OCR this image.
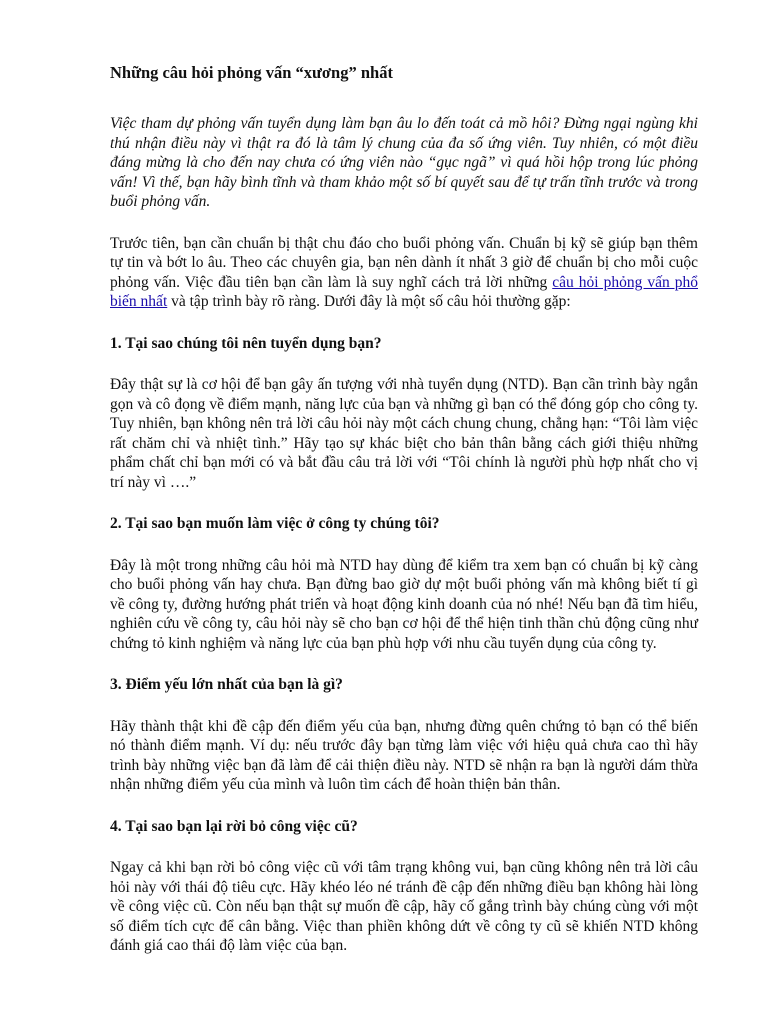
Những câu hỏi phỏng vấn “xương” nhất

Việc tham dự phỏng vấn tuyển dụng làm bạn âu lo đến toát cả mồ hôi? Đừng ngại ngùng khi thú nhận điều này vì thật ra đó là tâm lý chung của đa số ứng viên. Tuy nhiên, có một điều đáng mừng là cho đến nay chưa có ứng viên nào “gục ngã” vì quá hồi hộp trong lúc phỏng vấn! Vì thế, bạn hãy bình tĩnh và tham khảo một số bí quyết sau để tự trấn tĩnh trước và trong buổi phỏng vấn.

Trước tiên, bạn cần chuẩn bị thật chu đáo cho buổi phỏng vấn. Chuẩn bị kỹ sẽ giúp bạn thêm tự tin và bớt lo âu. Theo các chuyên gia, bạn nên dành ít nhất 3 giờ để chuẩn bị cho mỗi cuộc phỏng vấn. Việc đầu tiên bạn cần làm là suy nghĩ cách trả lời những câu hỏi phỏng vấn phổ biến nhất và tập trình bày rõ ràng. Dưới đây là một số câu hỏi thường gặp:

1. Tại sao chúng tôi nên tuyển dụng bạn?

Đây thật sự là cơ hội để bạn gây ấn tượng với nhà tuyển dụng (NTD). Bạn cần trình bày ngắn gọn và cô đọng về điểm mạnh, năng lực của bạn và những gì bạn có thể đóng góp cho công ty. Tuy nhiên, bạn không nên trả lời câu hỏi này một cách chung chung, chẳng hạn: “Tôi làm việc rất chăm chỉ và nhiệt tình.” Hãy tạo sự khác biệt cho bản thân bằng cách giới thiệu những phẩm chất chỉ bạn mới có và bắt đầu câu trả lời với “Tôi chính là người phù hợp nhất cho vị trí này vì ….”

2. Tại sao bạn muốn làm việc ở công ty chúng tôi?

Đây là một trong những câu hỏi mà NTD hay dùng để kiểm tra xem bạn có chuẩn bị kỹ càng cho buổi phỏng vấn hay chưa. Bạn đừng bao giờ dự một buổi phỏng vấn mà không biết tí gì về công ty, đường hướng phát triển và hoạt động kinh doanh của nó nhé! Nếu bạn đã tìm hiểu, nghiên cứu về công ty, câu hỏi này sẽ cho bạn cơ hội để thể hiện tinh thần chủ động cũng như chứng tỏ kinh nghiệm và năng lực của bạn phù hợp với nhu cầu tuyển dụng của công ty.

3. Điểm yếu lớn nhất của bạn là gì?

Hãy thành thật khi đề cập đến điểm yếu của bạn, nhưng đừng quên chứng tỏ bạn có thể biến nó thành điểm mạnh. Ví dụ: nếu trước đây bạn từng làm việc với hiệu quả chưa cao thì hãy trình bày những việc bạn đã làm để cải thiện điều này. NTD sẽ nhận ra bạn là người dám thừa nhận những điểm yếu của mình và luôn tìm cách để hoàn thiện bản thân.

4. Tại sao bạn lại rời bỏ công việc cũ?

Ngay cả khi bạn rời bỏ công việc cũ với tâm trạng không vui, bạn cũng không nên trả lời câu hỏi này với thái độ tiêu cực. Hãy khéo léo né tránh đề cập đến những điều bạn không hài lòng về công việc cũ. Còn nếu bạn thật sự muốn đề cập, hãy cố gắng trình bày chúng cùng với một số điểm tích cực để cân bằng. Việc than phiền không dứt về công ty cũ sẽ khiến NTD không đánh giá cao thái độ làm việc của bạn.
